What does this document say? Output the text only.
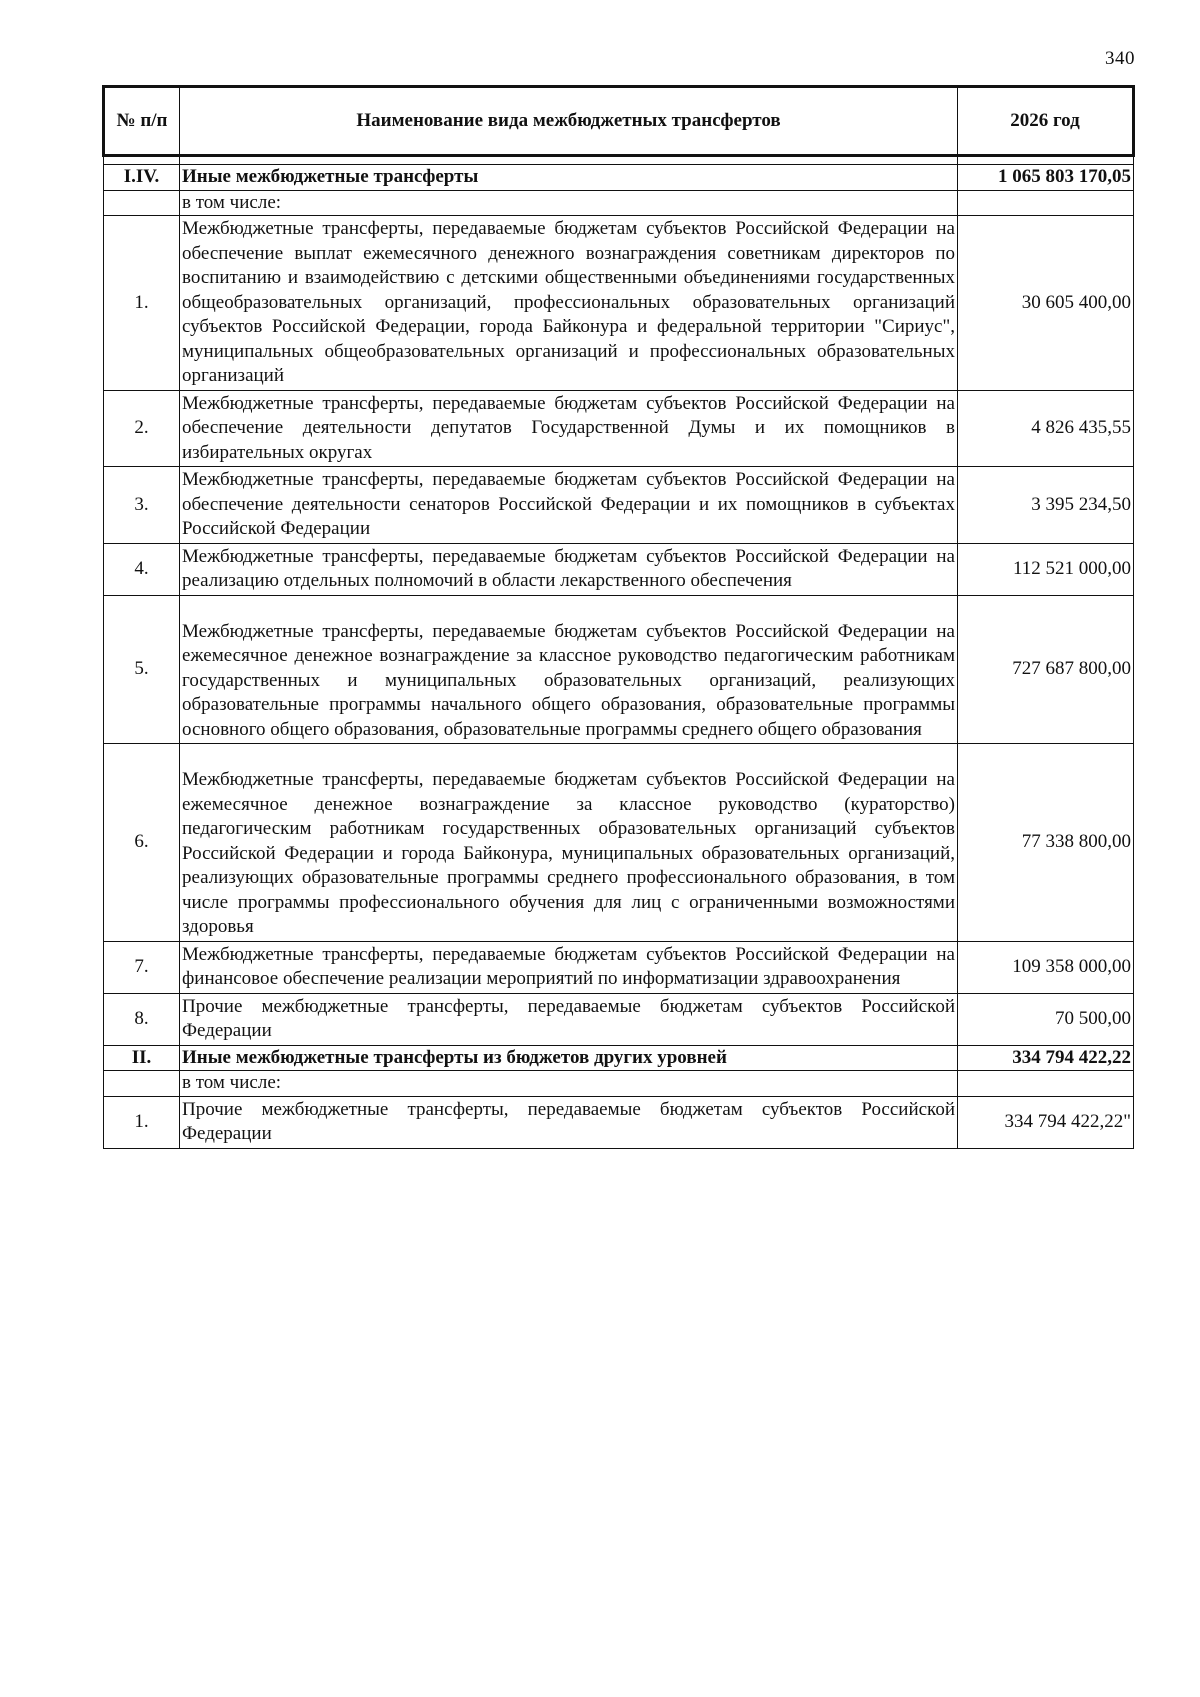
340
№ п/п	Наименование вида межбюджетных трансфертов	2026 год

I.IV.	Иные межбюджетные трансферты	1 065 803 170,05
	в том числе:	
1.	Межбюджетные трансферты, передаваемые бюджетам субъектов Российской Федерации на обеспечение выплат ежемесячного денежного вознаграждения советникам директоров по воспитанию и взаимодействию с детскими общественными объединениями государственных общеобразовательных организаций, профессиональных образовательных организаций субъектов Российской Федерации, города Байконура и федеральной территории "Сириус", муниципальных общеобразовательных организаций и профессиональных образовательных организаций	30 605 400,00
2.	Межбюджетные трансферты, передаваемые бюджетам субъектов Российской Федерации на обеспечение деятельности депутатов Государственной Думы и их помощников в избирательных округах	4 826 435,55
3.	Межбюджетные трансферты, передаваемые бюджетам субъектов Российской Федерации на обеспечение деятельности сенаторов Российской Федерации и их помощников в субъектах Российской Федерации	3 395 234,50
4.	Межбюджетные трансферты, передаваемые бюджетам субъектов Российской Федерации на реализацию отдельных полномочий в области лекарственного обеспечения	112 521 000,00
5.	Межбюджетные трансферты, передаваемые бюджетам субъектов Российской Федерации на ежемесячное денежное вознаграждение за классное руководство педагогическим работникам государственных и муниципальных образовательных организаций, реализующих образовательные программы начального общего образования, образовательные программы основного общего образования, образовательные программы среднего общего образования	727 687 800,00
6.	Межбюджетные трансферты, передаваемые бюджетам субъектов Российской Федерации на ежемесячное денежное вознаграждение за классное руководство (кураторство) педагогическим работникам государственных образовательных организаций субъектов Российской Федерации и города Байконура, муниципальных образовательных организаций, реализующих образовательные программы среднего профессионального образования, в том числе программы профессионального обучения для лиц с ограниченными возможностями здоровья	77 338 800,00
7.	Межбюджетные трансферты, передаваемые бюджетам субъектов Российской Федерации на финансовое обеспечение реализации мероприятий по информатизации здравоохранения	109 358 000,00
8.	Прочие межбюджетные трансферты, передаваемые бюджетам субъектов Российской Федерации	70 500,00
II.	Иные межбюджетные трансферты из бюджетов других уровней	334 794 422,22
	в том числе:	
1.	Прочие межбюджетные трансферты, передаваемые бюджетам субъектов Российской Федерации	334 794 422,22"
